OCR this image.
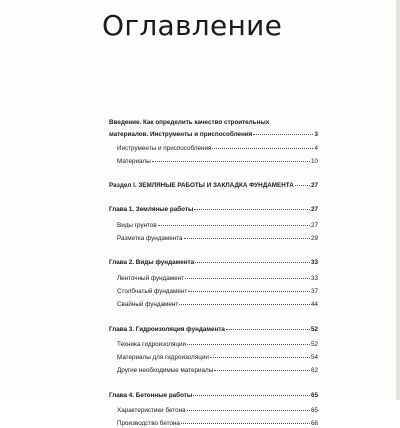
Оглавление
Введение. Как определить качество строительных
материалов. Инструменты и приспособления	3
Инструменты и приспособления	4
Материалы	10
Раздел I. ЗЕМЛЯНЫЕ РАБОТЫ И ЗАКЛАДКА ФУНДАМЕНТА	27
Глава 1. Земляные работы	27
Виды грунтов	27
Разметка фундамента	29
Глава 2. Виды фундамента	33
Ленточный фундамент	33
Столбчатый фундамент	37
Свайный фундамент	44
Глава 3. Гидроизоляция фундамента	52
Техника гидроизоляции	52
Материалы для гидроизоляции	54
Другие необходимые материалы	62
Глава 4. Бетонные работы	65
Характеристики бетона	65
Производство бетона	68
